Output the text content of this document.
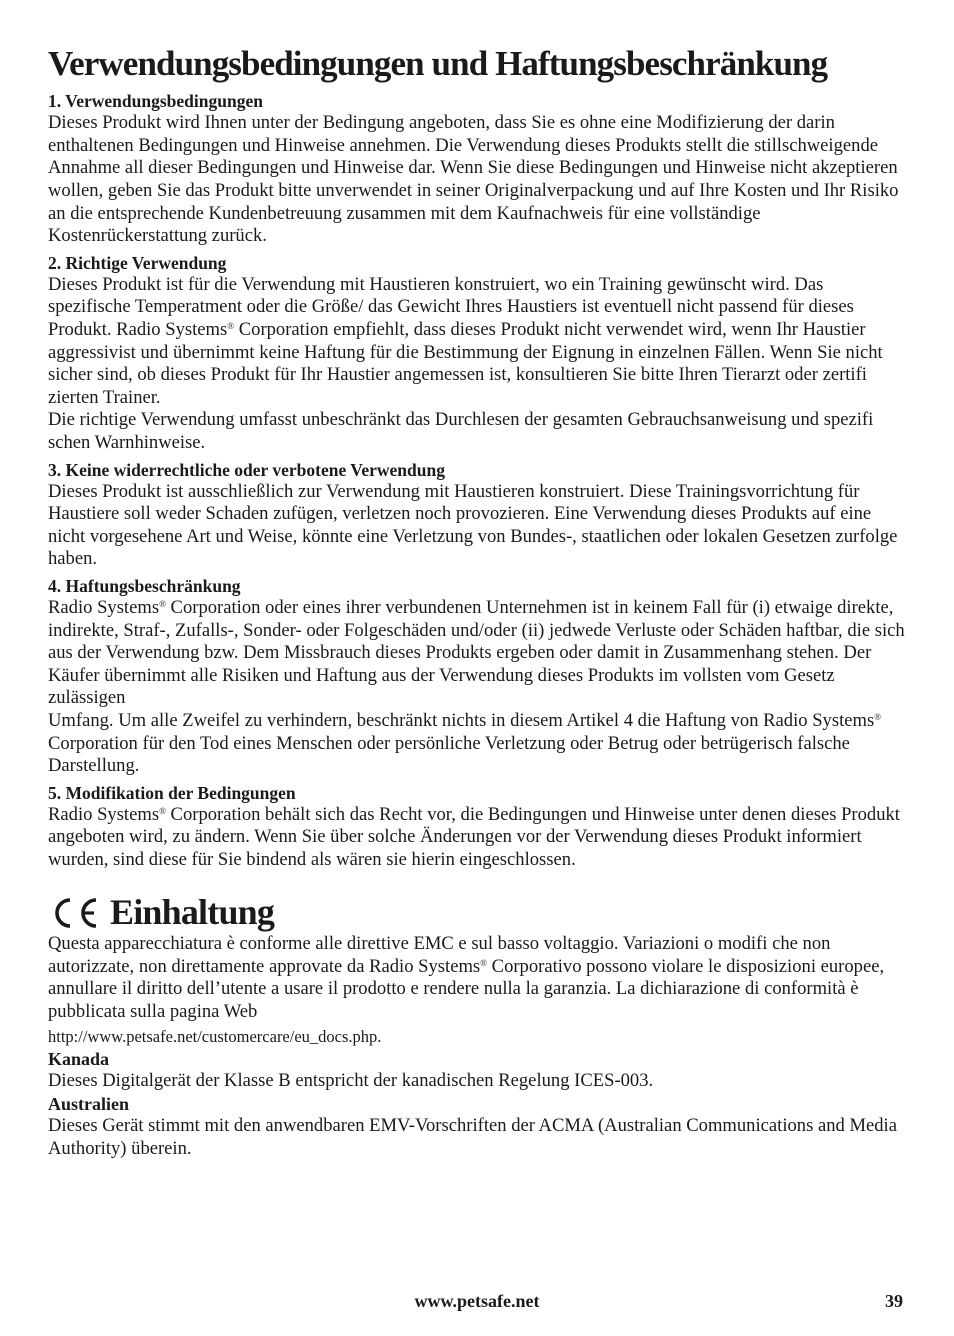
Verwendungsbedingungen und Haftungsbeschränkung
1. Verwendungsbedingungen

Dieses Produkt wird Ihnen unter der Bedingung angeboten, dass Sie es ohne eine Modifizierung der darin enthaltenen Bedingungen und Hinweise annehmen. Die Verwendung dieses Produkts stellt die stillschweigende Annahme all dieser Bedingungen und Hinweise dar. Wenn Sie diese Bedingungen und Hinweise nicht akzeptieren wollen, geben Sie das Produkt bitte unverwendet in seiner Originalverpackung und auf Ihre Kosten und Ihr Risiko an die entsprechende Kundenbetreuung zusammen mit dem Kaufnachweis für eine vollständige Kostenrückerstattung zurück.

2. Richtige Verwendung

Dieses Produkt ist für die Verwendung mit Haustieren konstruiert, wo ein Training gewünscht wird. Das spezifische Temperatment oder die Größe/ das Gewicht Ihres Haustiers ist eventuell nicht passend für dieses Produkt. Radio Systems® Corporation empfiehlt, dass dieses Produkt nicht verwendet wird, wenn Ihr Haustier aggressivist und übernimmt keine Haftung für die Bestimmung der Eignung in einzelnen Fällen. Wenn Sie nicht sicher sind, ob dieses Produkt für Ihr Haustier angemessen ist, konsultieren Sie bitte Ihren Tierarzt oder zertifi zierten Trainer.

Die richtige Verwendung umfasst unbeschränkt das Durchlesen der gesamten Gebrauchsanweisung und spezifi schen Warnhinweise.

3. Keine widerrechtliche oder verbotene Verwendung

Dieses Produkt ist ausschließlich zur Verwendung mit Haustieren konstruiert. Diese Trainingsvorrichtung für Haustiere soll weder Schaden zufügen, verletzen noch provozieren. Eine Verwendung dieses Produkts auf eine nicht vorgesehene Art und Weise, könnte eine Verletzung von Bundes-, staatlichen oder lokalen Gesetzen zurfolge haben.

4. Haftungsbeschränkung

Radio Systems® Corporation oder eines ihrer verbundenen Unternehmen ist in keinem Fall für (i) etwaige direkte, indirekte, Straf-, Zufalls-, Sonder- oder Folgeschäden und/oder (ii) jedwede Verluste oder Schäden haftbar, die sich aus der Verwendung bzw. Dem Missbrauch dieses Produkts ergeben oder damit in Zusammenhang stehen. Der Käufer übernimmt alle Risiken und Haftung aus der Verwendung dieses Produkts im vollsten vom Gesetz zulässigen

Umfang. Um alle Zweifel zu verhindern, beschränkt nichts in diesem Artikel 4 die Haftung von Radio Systems® Corporation für den Tod eines Menschen oder persönliche Verletzung oder Betrug oder betrügerisch falsche Darstellung.

5. Modifikation der Bedingungen

Radio Systems® Corporation behält sich das Recht vor, die Bedingungen und Hinweise unter denen dieses Produkt angeboten wird, zu ändern. Wenn Sie über solche Änderungen vor der Verwendung dieses Produkt informiert wurden, sind diese für Sie bindend als wären sie hierin eingeschlossen.

Einhaltung

Questa apparecchiatura è conforme alle direttive EMC e sul basso voltaggio. Variazioni o modifi che non autorizzate, non direttamente approvate da Radio Systems® Corporativo possono violare le disposizioni europee, annullare il diritto dell’utente a usare il prodotto e rendere nulla la garanzia. La dichiarazione di conformità è pubblicata sulla pagina Web

http://www.petsafe.net/customercare/eu_docs.php.
Kanada

Dieses Digitalgerät der Klasse B entspricht der kanadischen Regelung ICES-003.

Australien

Dieses Gerät stimmt mit den anwendbaren EMV-Vorschriften der ACMA (Australian Communications and Media Authority) überein.

www.petsafe.net	39
